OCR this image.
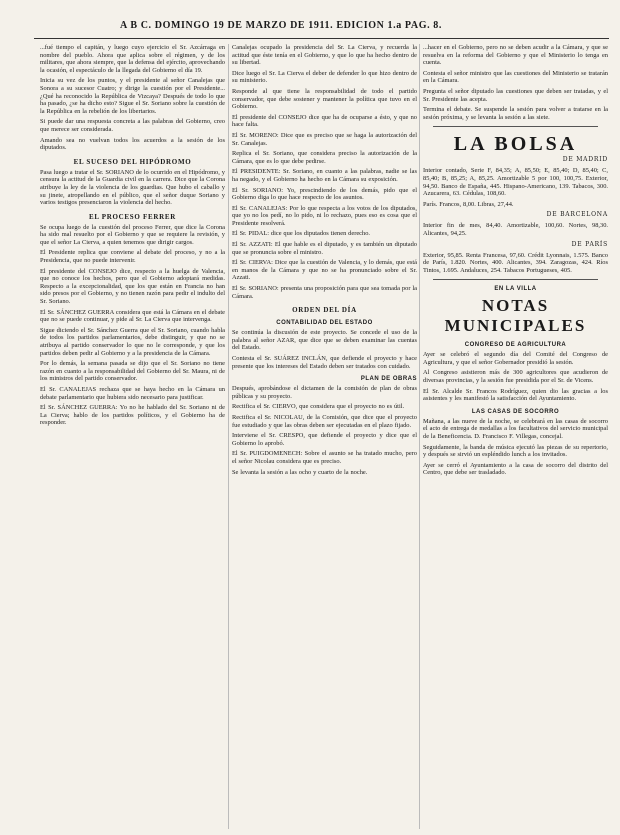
A B C. DOMINGO 19 DE MARZO DE 1911. EDICION 1.a PAG. 8.

...fué tiempo el capitán, y luego cuyo ejercicio el Sr. Azcárraga en nombre del pueblo. Ahora que aplica sobre el régimen, y de los militares, que ahora siempre, que la defensa del ejército, aprovechando la ocasión, el espectáculo de la llegada del Gobierno el día 19.

Inicia su vez de los puntos, y el presidente al señor Canalejas que Sonora a su sucesor Cuatro; y dirige la cuestión por el Presidente... ¿Qué ha reconocido la República de Vizcaya? Después de todo lo que ha pasado, ¿se ha dicho esto? Sigue el Sr. Soriano sobre la cuestión de la República en la rebelión de los libertarios.

Si puede dar una respuesta concreta a las palabras del Gobierno, creo que merece ser considerada.

Amando sea no vuelvan todos los acuerdos a la sesión de los diputados.

EL SUCESO DEL HIPÓDROMO

Pasa luego a tratar el Sr. SORIANO de lo ocurrido en el Hipódromo, y censura la actitud de la Guardia civil en la carrera. Dice que la Corona atribuye la ley de la violencia de los guardias. Que hubo el caballo y su jinete, atropellando en el público, que el señor duque Soriano y varios testigos presenciaron la violencia del hecho.

EL PROCESO FERRER

Se ocupa luego de la cuestión del proceso Ferrer, que dice la Corona ha sido mal resuelto por el Gobierno y que se requiere la revisión, y que el señor La Cierva, a quien tenemos que dirigir cargos.

El Presidente replica que conviene al debate del proceso, y no a la Presidencia, que no puede intervenir.

El presidente del CONSEJO dice, respecto a la huelga de Valencia, que no conoce los hechos, pero que el Gobierno adoptará medidas. Respecto a la excepcionalidad, que los que están en Francia no han sido presos por el Gobierno, y no tienen razón para pedir el indulto del Sr. Soriano.

El Sr. SÁNCHEZ GUERRA considera que está la Cámara en el debate que no se puede continuar, y pide al Sr. La Cierva que intervenga.

Sigue diciendo el Sr. Sánchez Guerra que el Sr. Soriano, cuando habla de todos los partidos parlamentarios, debe distinguir, y que no se atribuya al partido conservador lo que no le corresponde, y que los partidos deben pedir al Gobierno y a la presidencia de la Cámara.

Por lo demás, la semana pasada se dijo que el Sr. Soriano no tiene razón en cuanto a la responsabilidad del Gobierno del Sr. Maura, ni de los ministros del partido conservador.

El Sr. CANALEJAS rechaza que se haya hecho en la Cámara un debate parlamentario que hubiera sido necesario para justificar.

El Sr. SÁNCHEZ GUERRA: Yo no he hablado del Sr. Soriano ni de La Cierva; hablo de los partidos políticos, y el Gobierno ha de responder.

Canalejas ocupado la presidencia del Sr. La Cierva, y recuerda la actitud que éste tenía en el Gobierno, y que lo que ha hecho dentro de su libertad.

Dice luego el Sr. La Cierva el deber de defender lo que hizo dentro de su ministerio.

Responde al que tiene la responsabilidad de todo el partido conservador, que debe sostener y mantener la política que tuvo en el Gobierno.

El presidente del CONSEJO dice que ha de ocuparse a ésto, y que no hace falta.

El Sr. MORENO: Dice que es preciso que se haga la autorización del Sr. Canalejas.

Replica el Sr. Soriano, que considera preciso la autorización de la Cámara, que es lo que debe pedirse.

El PRESIDENTE: Sr. Soriano, en cuanto a las palabras, nadie se las ha negado, y el Gobierno ha hecho en la Cámara su exposición.

El Sr. SORIANO: Yo, prescindiendo de los demás, pido que el Gobierno diga lo que hace respecto de los asuntos.

El Sr. CANALEJAS: Por lo que respecta a los votos de los diputados, que yo no los pedí, no lo pido, ni lo rechazo, pues eso es cosa que el Presidente resolverá.

El Sr. PIDAL: dice que los diputados tienen derecho.

El Sr. AZZATI: El que hable es el diputado, y es también un diputado que se pronuncia sobre el ministro.

El Sr. CIERVA: Dice que la cuestión de Valencia, y lo demás, que está en manos de la Cámara y que no se ha pronunciado sobre el Sr. Azzati.

El Sr. SORIANO: presenta una proposición para que sea tomada por la Cámara.

ORDEN DEL DÍA
CONTABILIDAD DEL ESTADO

Se continúa la discusión de este proyecto. Se concede el uso de la palabra al señor AZAR, que dice que se deben examinar las cuentas del Estado.

Contesta el Sr. SUÁREZ INCLÁN, que defiende el proyecto y hace presente que los intereses del Estado deben ser tratados con cuidado.

PLAN DE OBRAS

Después, aprobándose el dictamen de la comisión de plan de obras públicas y su proyecto.

Rectifica el Sr. CIERVO, que considera que el proyecto no es útil.

Rectifica el Sr. NICOLAU, de la Comisión, que dice que el proyecto fue estudiado y que las obras deben ser ejecutadas en el plazo fijado.

Interviene el Sr. CRESPO, que defiende el proyecto y dice que el Gobierno lo aprobó.

El Sr. PUIGDOMENECH: Sobre el asunto se ha tratado mucho, pero el señor Nicolau considera que es preciso.

Se levanta la sesión a las ocho y cuarto de la noche.

...hacer en el Gobierno, pero no se deben acudir a la Cámara, y que se resuelva en la reforma del Gobierno y que el Ministerio lo tenga en cuenta.

Contesta el señor ministro que las cuestiones del Ministerio se tratarán en la Cámara.

Pregunta el señor diputado las cuestiones que deben ser tratadas, y el Sr. Presidente las acepta.

Termina el debate. Se suspende la sesión para volver a tratarse en la sesión próxima, y se levanta la sesión a las siete.

LA BOLSA
DE MADRID

Interior contado, Serie F, 84,35; A, 85,50; E, 85,40; D, 85,40; C, 85,40; B, 85,25; A, 85,25. Amortizable 5 por 100, 100,75. Exterior, 94,50. Banco de España, 445. Hispano-Americano, 139. Tabacos, 300. Azucarera, 63. Cédulas, 108,60.

París. Francos, 8,00. Libras, 27,44.

DE BARCELONA

Interior fin de mes, 84,40. Amortizable, 100,60. Nortes, 98,30. Alicantes, 94,25.

DE PARÍS

Exterior, 95,85. Renta Francesa, 97,60. Crédit Lyonnais, 1.575. Banco de París, 1.820. Nortes, 400. Alicantes, 394. Zaragozas, 424. Ríos Tintos, 1.695. Andaluces, 254. Tabacos Portugueses, 405.

EN LA VILLA
NOTAS MUNICIPALES
CONGRESO DE AGRICULTURA

Ayer se celebró el segundo día del Comité del Congreso de Agricultura, y que el señor Gobernador presidió la sesión.

Al Congreso asistieron más de 300 agricultores que acudieron de diversas provincias, y la sesión fue presidida por el Sr. de Vicens.

El Sr. Alcalde Sr. Francos Rodríguez, quien dio las gracias a los asistentes y les manifestó la satisfacción del Ayuntamiento.

LAS CASAS DE SOCORRO

Mañana, a las nueve de la noche, se celebrará en las casas de socorro el acto de entrega de medallas a los facultativos del servicio municipal de la Beneficencia. D. Francisco F. Villegas, concejal.

Seguidamente, la banda de música ejecutó las piezas de su repertorio, y después se sirvió un espléndido lunch a los invitados.

Ayer se cerró el Ayuntamiento a la casa de socorro del distrito del Centro, que debe ser trasladado.
